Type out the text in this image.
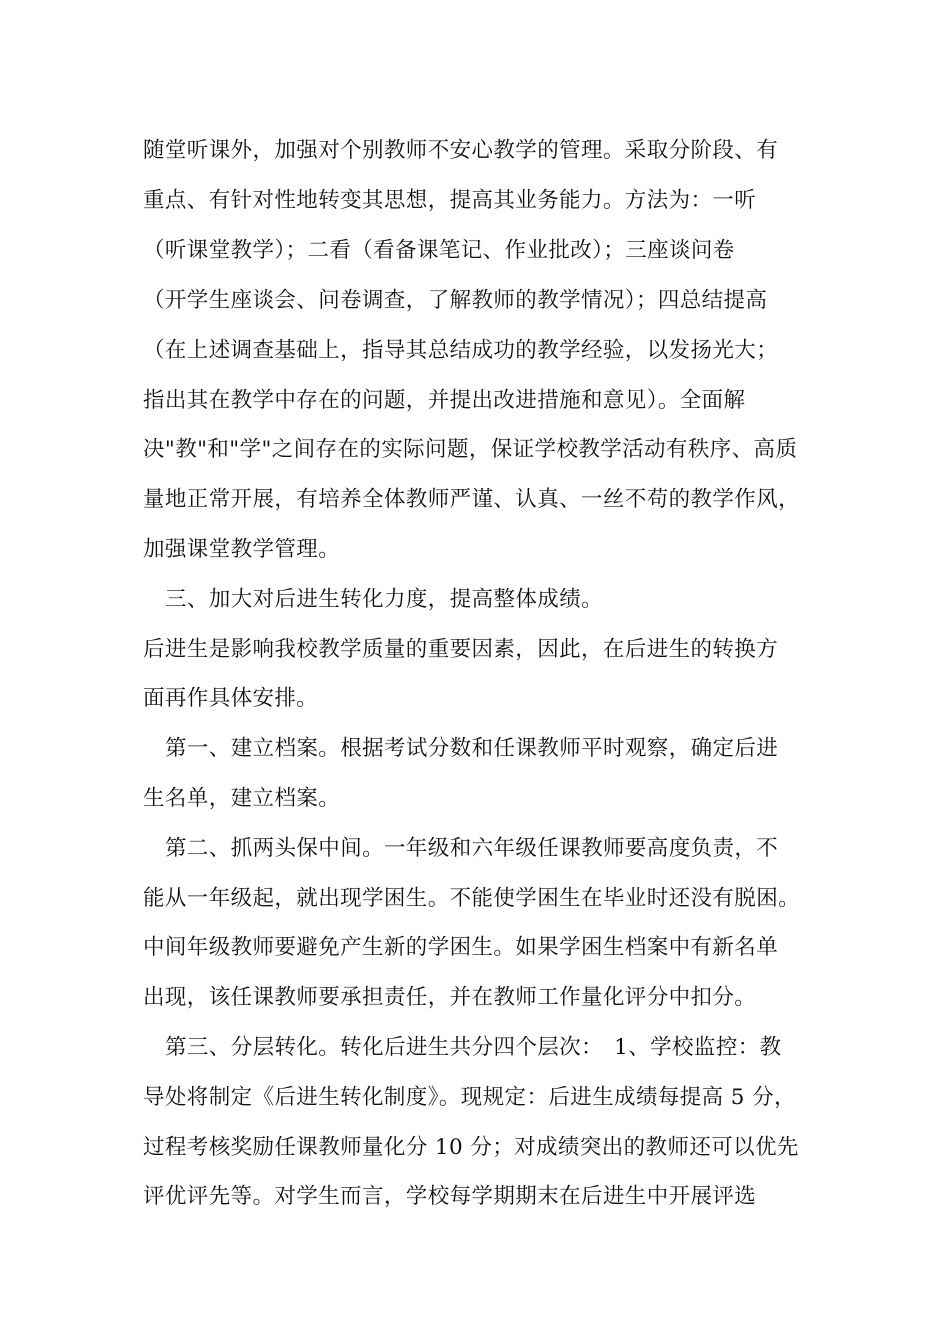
随堂听课外，加强对个别教师不安心教学的管理。采取分阶段、有

重点、有针对性地转变其思想，提高其业务能力。方法为：一听

（听课堂教学）；二看（看备课笔记、作业批改）；三座谈问卷

（开学生座谈会、问卷调查，了解教师的教学情况）；四总结提高

（在上述调查基础上，指导其总结成功的教学经验，以发扬光大；

指出其在教学中存在的问题，并提出改进措施和意见）。全面解

决"教"和"学"之间存在的实际问题，保证学校教学活动有秩序、高质

量地正常开展，有培养全体教师严谨、认真、一丝不苟的教学作风，

加强课堂教学管理。

三、加大对后进生转化力度，提高整体成绩。

后进生是影响我校教学质量的重要因素，因此，在后进生的转换方

面再作具体安排。

第一、建立档案。根据考试分数和任课教师平时观察，确定后进

生名单，建立档案。

第二、抓两头保中间。一年级和六年级任课教师要高度负责，不

能从一年级起，就出现学困生。不能使学困生在毕业时还没有脱困。

中间年级教师要避免产生新的学困生。如果学困生档案中有新名单

出现，该任课教师要承担责任，并在教师工作量化评分中扣分。

第三、分层转化。转化后进生共分四个层次：　1、学校监控：教

导处将制定《后进生转化制度》。现规定：后进生成绩每提高 5 分，

过程考核奖励任课教师量化分 10 分；对成绩突出的教师还可以优先

评优评先等。对学生而言，学校每学期期末在后进生中开展评选
